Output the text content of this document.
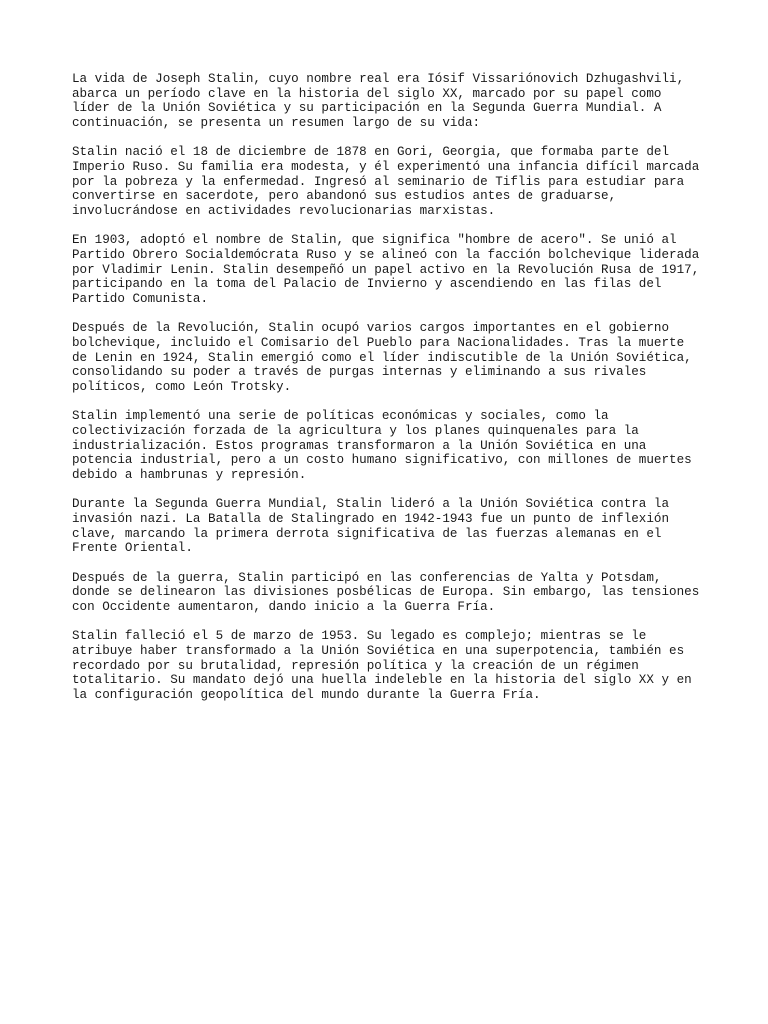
La vida de Joseph Stalin, cuyo nombre real era Iósif Vissariónovich Dzhugashvili,
abarca un período clave en la historia del siglo XX, marcado por su papel como
líder de la Unión Soviética y su participación en la Segunda Guerra Mundial. A
continuación, se presenta un resumen largo de su vida:

Stalin nació el 18 de diciembre de 1878 en Gori, Georgia, que formaba parte del
Imperio Ruso. Su familia era modesta, y él experimentó una infancia difícil marcada
por la pobreza y la enfermedad. Ingresó al seminario de Tiflis para estudiar para
convertirse en sacerdote, pero abandonó sus estudios antes de graduarse,
involucrándose en actividades revolucionarias marxistas.

En 1903, adoptó el nombre de Stalin, que significa "hombre de acero". Se unió al
Partido Obrero Socialdemócrata Ruso y se alineó con la facción bolchevique liderada
por Vladimir Lenin. Stalin desempeñó un papel activo en la Revolución Rusa de 1917,
participando en la toma del Palacio de Invierno y ascendiendo en las filas del
Partido Comunista.

Después de la Revolución, Stalin ocupó varios cargos importantes en el gobierno
bolchevique, incluido el Comisario del Pueblo para Nacionalidades. Tras la muerte
de Lenin en 1924, Stalin emergió como el líder indiscutible de la Unión Soviética,
consolidando su poder a través de purgas internas y eliminando a sus rivales
políticos, como León Trotsky.

Stalin implementó una serie de políticas económicas y sociales, como la
colectivización forzada de la agricultura y los planes quinquenales para la
industrialización. Estos programas transformaron a la Unión Soviética en una
potencia industrial, pero a un costo humano significativo, con millones de muertes
debido a hambrunas y represión.

Durante la Segunda Guerra Mundial, Stalin lideró a la Unión Soviética contra la
invasión nazi. La Batalla de Stalingrado en 1942-1943 fue un punto de inflexión
clave, marcando la primera derrota significativa de las fuerzas alemanas en el
Frente Oriental.

Después de la guerra, Stalin participó en las conferencias de Yalta y Potsdam,
donde se delinearon las divisiones posbélicas de Europa. Sin embargo, las tensiones
con Occidente aumentaron, dando inicio a la Guerra Fría.

Stalin falleció el 5 de marzo de 1953. Su legado es complejo; mientras se le
atribuye haber transformado a la Unión Soviética en una superpotencia, también es
recordado por su brutalidad, represión política y la creación de un régimen
totalitario. Su mandato dejó una huella indeleble en la historia del siglo XX y en
la configuración geopolítica del mundo durante la Guerra Fría.
